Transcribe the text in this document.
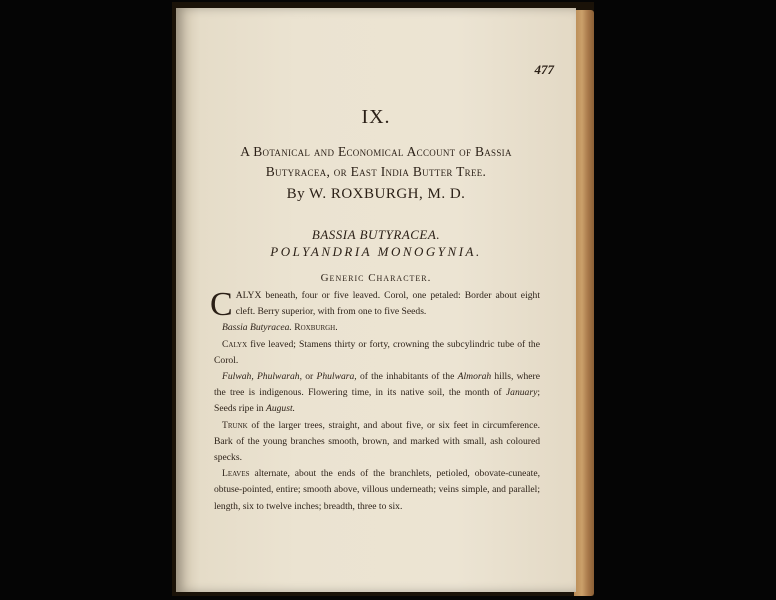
477
IX.
A Botanical and Economical Account of Bassia
Butyracea, or East India Butter Tree.
By W. ROXBURGH, M. D.
BASSIA BUTYRACEA.
POLYANDRIA MONOGYNIA.
Generic Character.

CALYX beneath, four or five leaved. Corol, one petaled: Border about eight cleft. Berry superior, with from one to five Seeds.

Bassia Butyracea. Roxburgh.

Calyx five leaved; Stamens thirty or forty, crowning the subcylindric tube of the Corol.

Fulwah, Phulwarah, or Phulwara, of the inhabitants of the Almorah hills, where the tree is indigenous. Flowering time, in its native soil, the month of January; Seeds ripe in August.

Trunk of the larger trees, straight, and about five, or six feet in circumference. Bark of the young branches smooth, brown, and marked with small, ash coloured specks.

Leaves alternate, about the ends of the branchlets, petioled, obovate-cuneate, obtuse-pointed, entire; smooth above, villous underneath; veins simple, and parallel; length, six to twelve inches; breadth, three to six.
